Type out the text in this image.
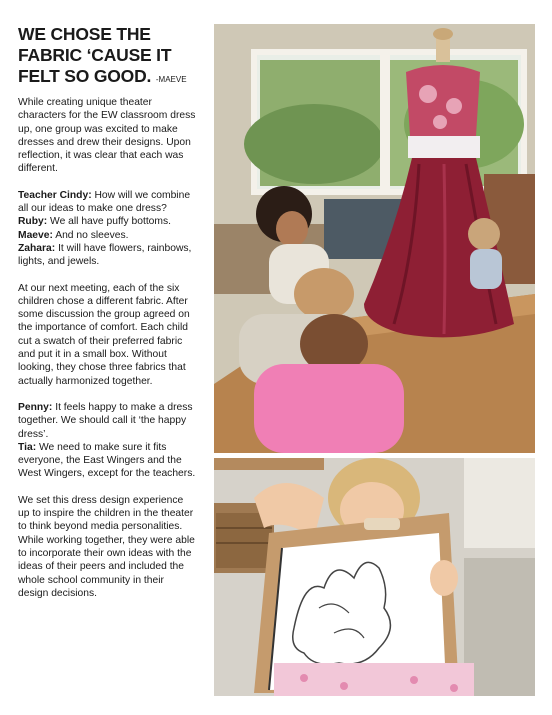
WE CHOSE THE FABRIC ‘CAUSE IT FELT SO GOOD. -MAEVE

While creating unique theater characters for the EW classroom dress up, one group was excited to make dresses and drew their designs. Upon reflection, it was clear that each was different.

Teacher Cindy: How will we combine all our ideas to make one dress?

Ruby: We all have puffy bottoms.

Maeve: And no sleeves.

Zahara: It will have flowers, rainbows, lights, and jewels.

At our next meeting, each of the six children chose a different fabric. After some discussion the group agreed on the importance of comfort. Each child cut a swatch of their preferred fabric and put it in a small box. Without looking, they chose three fabrics that actually harmonized together.

Penny: It feels happy to make a dress together. We should call it ‘the happy dress’.

Tia: We need to make sure it fits everyone, the East Wingers and the West Wingers, except for the teachers.

We set this dress design experience up to inspire the children in the theater to think beyond media personalities. While working together, they were able to incorporate their own ideas with the ideas of their peers and included the whole school community in their design decisions.
